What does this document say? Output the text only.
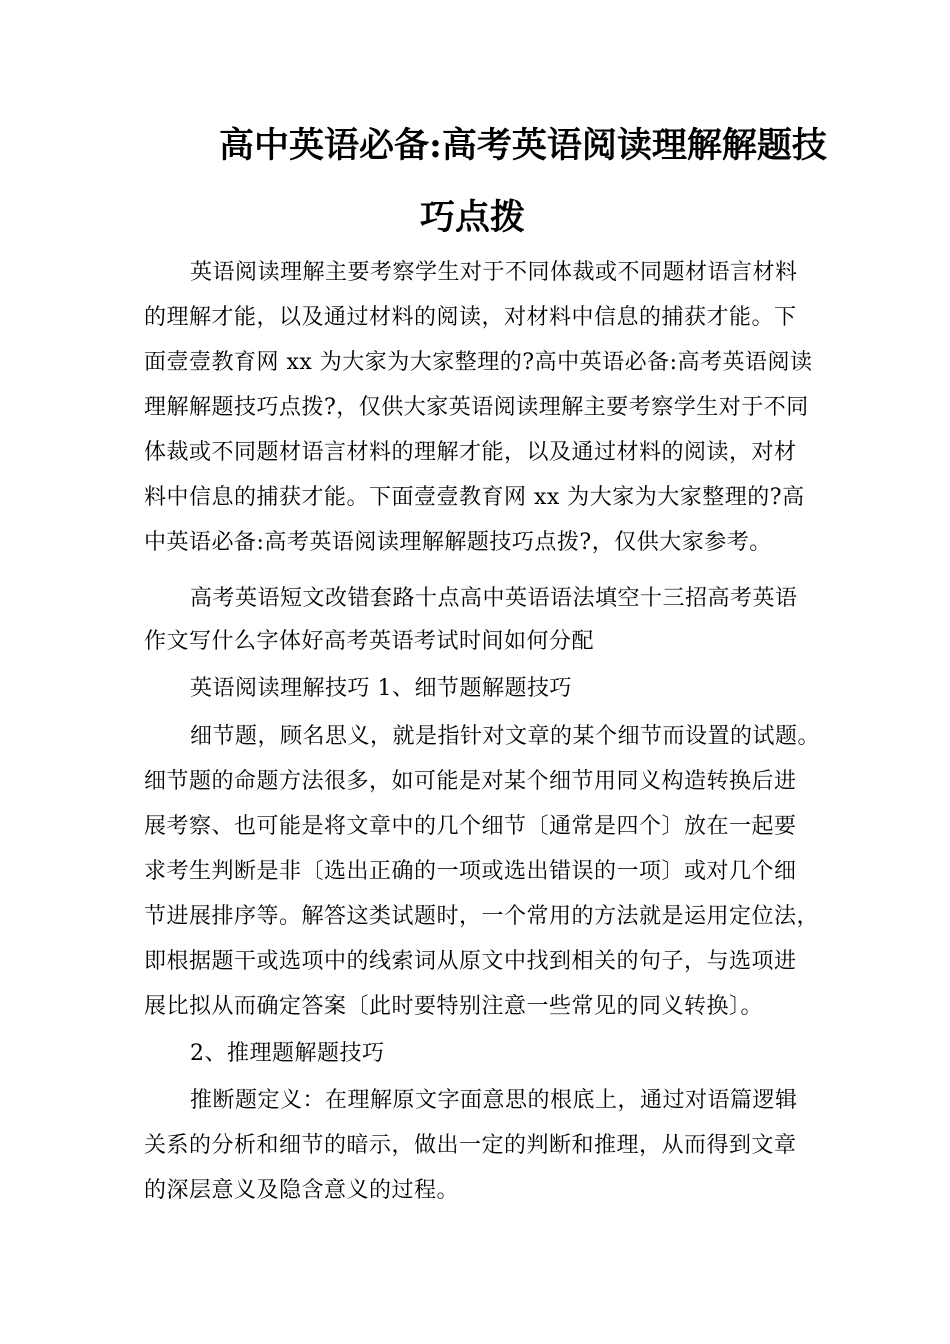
高中英语必备:高考英语阅读理解解题技
巧点拨
英语阅读理解主要考察学生对于不同体裁或不同题材语言材料
的理解才能，以及通过材料的阅读，对材料中信息的捕获才能。下
面壹壹教育网 xx 为大家为大家整理的?高中英语必备:高考英语阅读
理解解题技巧点拨?，仅供大家英语阅读理解主要考察学生对于不同
体裁或不同题材语言材料的理解才能，以及通过材料的阅读，对材
料中信息的捕获才能。下面壹壹教育网 xx 为大家为大家整理的?高
中英语必备:高考英语阅读理解解题技巧点拨?，仅供大家参考。
高考英语短文改错套路十点高中英语语法填空十三招高考英语
作文写什么字体好高考英语考试时间如何分配
英语阅读理解技巧 1、细节题解题技巧
细节题，顾名思义，就是指针对文章的某个细节而设置的试题。
细节题的命题方法很多，如可能是对某个细节用同义构造转换后进
展考察、也可能是将文章中的几个细节〔通常是四个〕放在一起要
求考生判断是非〔选出正确的一项或选出错误的一项〕或对几个细
节进展排序等。解答这类试题时，一个常用的方法就是运用定位法，
即根据题干或选项中的线索词从原文中找到相关的句子，与选项进
展比拟从而确定答案〔此时要特别注意一些常见的同义转换〕。
2、推理题解题技巧
推断题定义：在理解原文字面意思的根底上，通过对语篇逻辑
关系的分析和细节的暗示，做出一定的判断和推理，从而得到文章
的深层意义及隐含意义的过程。
